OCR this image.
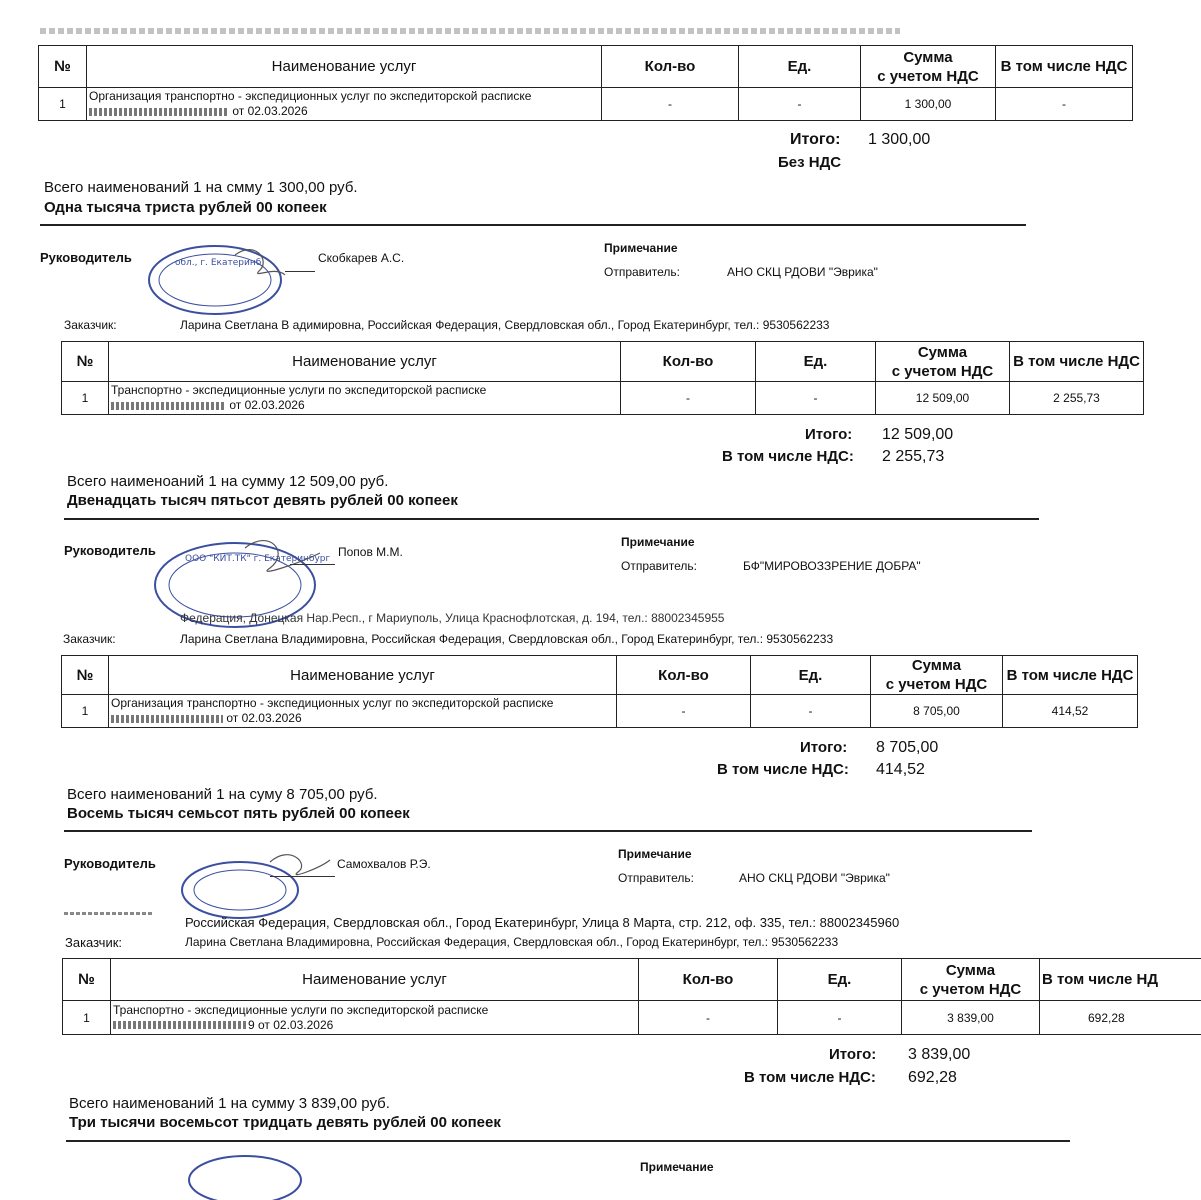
№	Наименование услуг	Кол-во	Ед.	Сумма
с учетом НДС	В том числе НДС
1	Организация транспортно - экспедиционных услуг по экспедиторской расписке
от 02.03.2026	-	-	1 300,00	-
Итого: 1 300,00
Без НДС
Всего наименований 1 на смму 1 300,00 руб.
Одна тысяча триста рублей 00 копеек
Руководитель	обл., г. Екатеринб	Скобкарев А.С.
Примечание
Отправитель:	АНО СКЦ РДОВИ "Эврика"
Заказчик:	Ларина Светлана В адимировна, Российская Федерация, Свердловская обл., Город Екатеринбург, тел.: 9530562233
№	Наименование услуг	Кол-во	Ед.	Сумма
с учетом НДС	В том числе НДС
1	Транспортно - экспедиционные услуги по экспедиторской расписке
от 02.03.2026	-	-	12 509,00	2 255,73
Итого: 12 509,00
В том числе НДС: 2 255,73
Всего наименоаний 1 на сумму 12 509,00 руб.
Двенадцать тысяч пятьсот девять рублей 00 копеек
Руководитель
ООО "КИТ.ТК" г. Екатеринбург Попов М.М.
Примечание
Отправитель:	БФ"МИРОВОЗЗРЕНИЕ ДОБРА"
Федерация, Донецкая Нар.Респ., г Мариуполь, Улица Краснофлотская, д. 194, тел.: 88002345955
Заказчик:	Ларина Светлана Владимировна, Российская Федерация, Свердловская обл., Город Екатеринбург, тел.: 9530562233
№	Наименование услуг	Кол-во	Ед.	Сумма
с учетом НДС	В том числе НДС
1	Организация транспортно - экспедиционных услуг по экспедиторской расписке
от 02.03.2026	-	-	8 705,00	414,52
Итого: 8 705,00
В том числе НДС: 414,52
Всего наименований 1 на суму 8 705,00 руб.
Восемь тысяч семьсот пять рублей 00 копеек
Руководитель	Самохвалов Р.Э.
Примечание
Отправитель:	АНО СКЦ РДОВИ "Эврика"
Российская Федерация, Свердловская обл., Город Екатеринбург, Улица 8 Марта, стр. 212, оф. 335, тел.: 88002345960
Заказчик:	Ларина Светлана Владимировна, Российская Федерация, Свердловская обл., Город Екатеринбург, тел.: 9530562233
№	Наименование услуг	Кол-во	Ед.	Сумма
с учетом НДС	В том числе НД
1	Транспортно - экспедиционные услуги по экспедиторской расписке
9 от 02.03.2026	-	-	3 839,00	692,28
Итого: 3 839,00
В том числе НДС: 692,28
Всего наименований 1 на сумму 3 839,00 руб.
Три тысячи восемьсот тридцать девять рублей 00 копеек
Примечание
